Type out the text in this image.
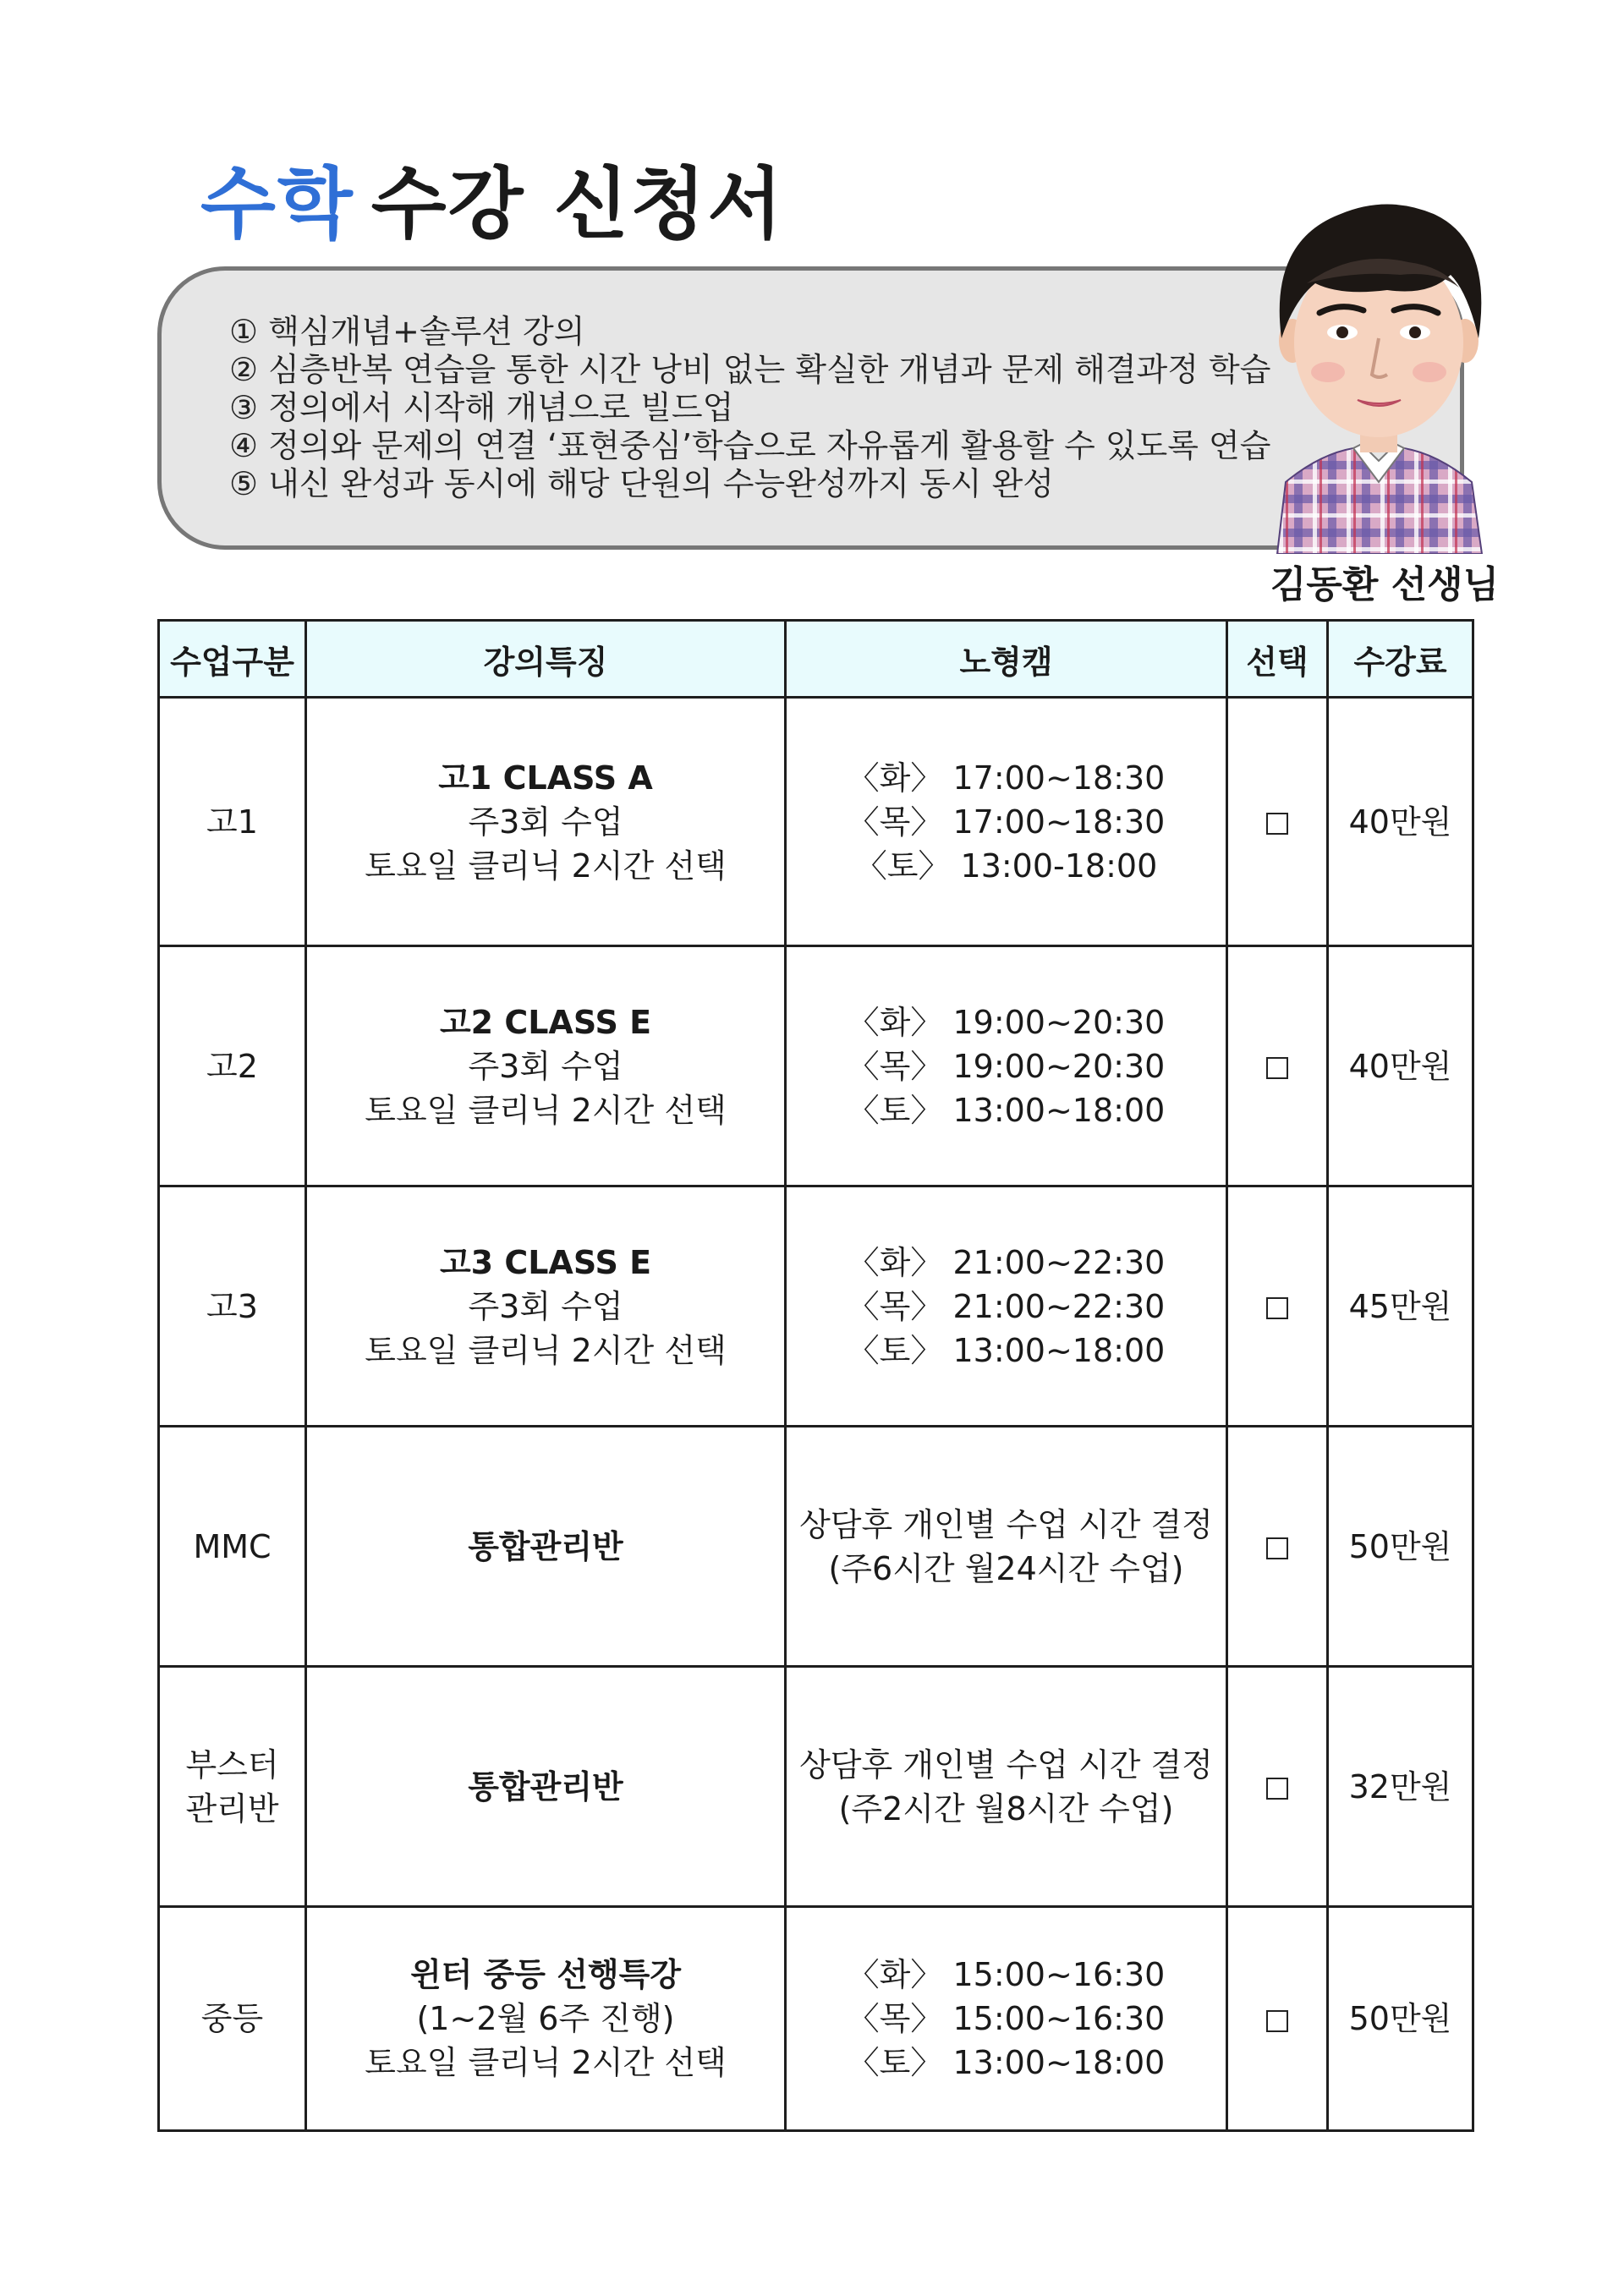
수학 수강 신청서
① 핵심개념+솔루션 강의
② 심층반복 연습을 통한 시간 낭비 없는 확실한 개념과 문제 해결과정 학습
③ 정의에서 시작해 개념으로 빌드업
④ 정의와 문제의 연결 ‘표현중심’학습으로 자유롭게 활용할 수 있도록 연습
⑤ 내신 완성과 동시에 해당 단원의 수능완성까지 동시 완성
김동환 선생님
수업구분	강의특징	노형캠	선택	수강료

고1	고1 CLASS A
주3회 수업
토요일 클리닉 2시간 선택	〈화〉 17:00~18:30
〈목〉 17:00~18:30
〈토〉 13:00-18:00		40만원

고2	고2 CLASS E
주3회 수업
토요일 클리닉 2시간 선택	〈화〉 19:00~20:30
〈목〉 19:00~20:30
〈토〉 13:00~18:00		40만원

고3	고3 CLASS E
주3회 수업
토요일 클리닉 2시간 선택	〈화〉 21:00~22:30
〈목〉 21:00~22:30
〈토〉 13:00~18:00		45만원

MMC	통합관리반	상담후 개인별 수업 시간 결정
(주6시간 월24시간 수업)		50만원

부스터
관리반	통합관리반	상담후 개인별 수업 시간 결정
(주2시간 월8시간 수업)		32만원

중등	윈터 중등 선행특강
(1~2월 6주 진행)
토요일 클리닉 2시간 선택	〈화〉 15:00~16:30
〈목〉 15:00~16:30
〈토〉 13:00~18:00		50만원
